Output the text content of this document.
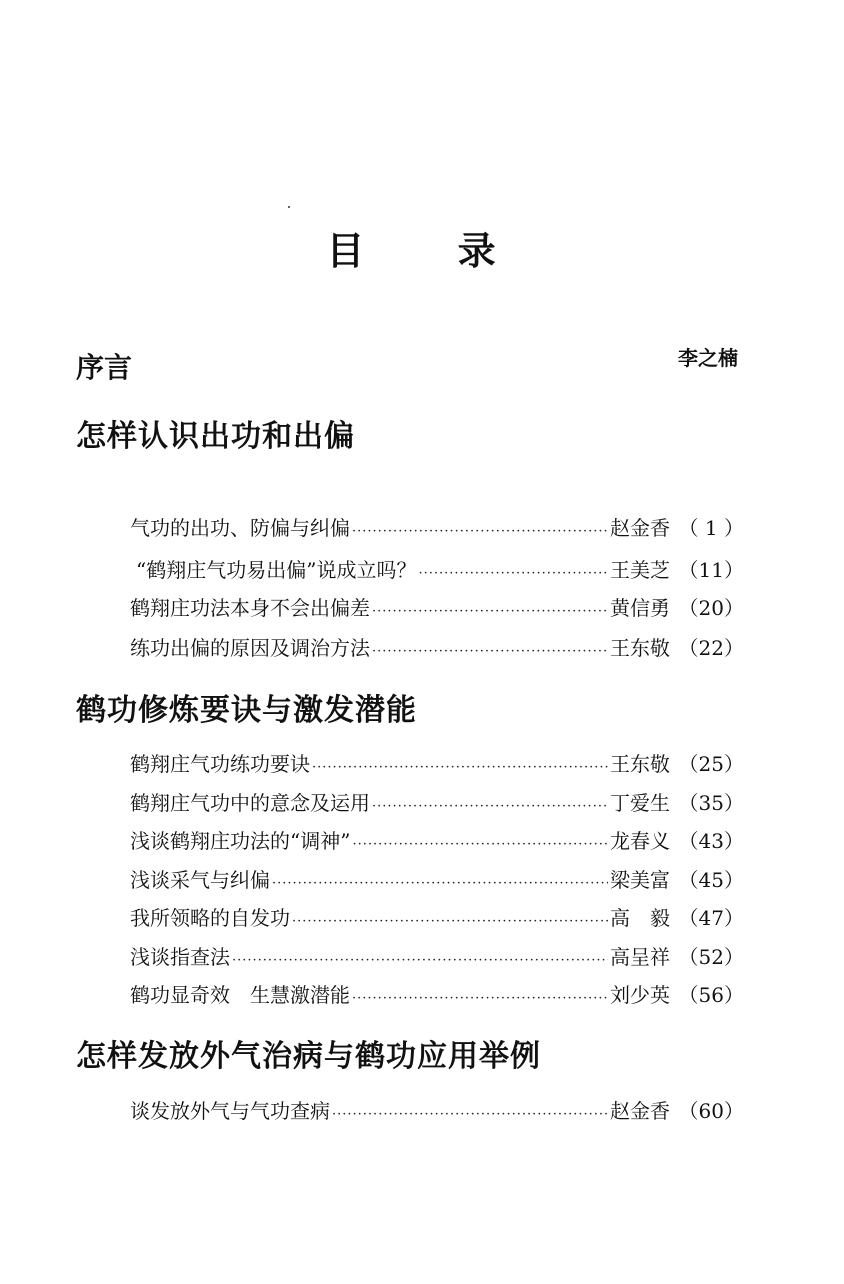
目 录
序言	李之楠
怎样认识出功和出偏
气功的出功、防偏与纠偏 ·····	赵金香 （ 1 ）
“鹤翔庄气功易出偏”说成立吗？ ·····	王美芝 （11）
鹤翔庄功法本身不会出偏差 ·····	黄信勇 （20）
练功出偏的原因及调治方法 ·····	王东敬 （22）
鹤功修炼要诀与激发潜能
鹤翔庄气功练功要诀 ·····	王东敬 （25）
鹤翔庄气功中的意念及运用 ·····	丁爱生 （35）
浅谈鹤翔庄功法的“调神” ·····	龙春义 （43）
浅谈采气与纠偏 ·····	梁美富 （45）
我所领略的自发功 ·····	高　毅 （47）
浅谈指查法 ·····	高呈祥 （52）
鹤功显奇效　生慧激潜能 ·····	刘少英 （56）
怎样发放外气治病与鹤功应用举例
谈发放外气与气功查病 ·····	赵金香 （60）
